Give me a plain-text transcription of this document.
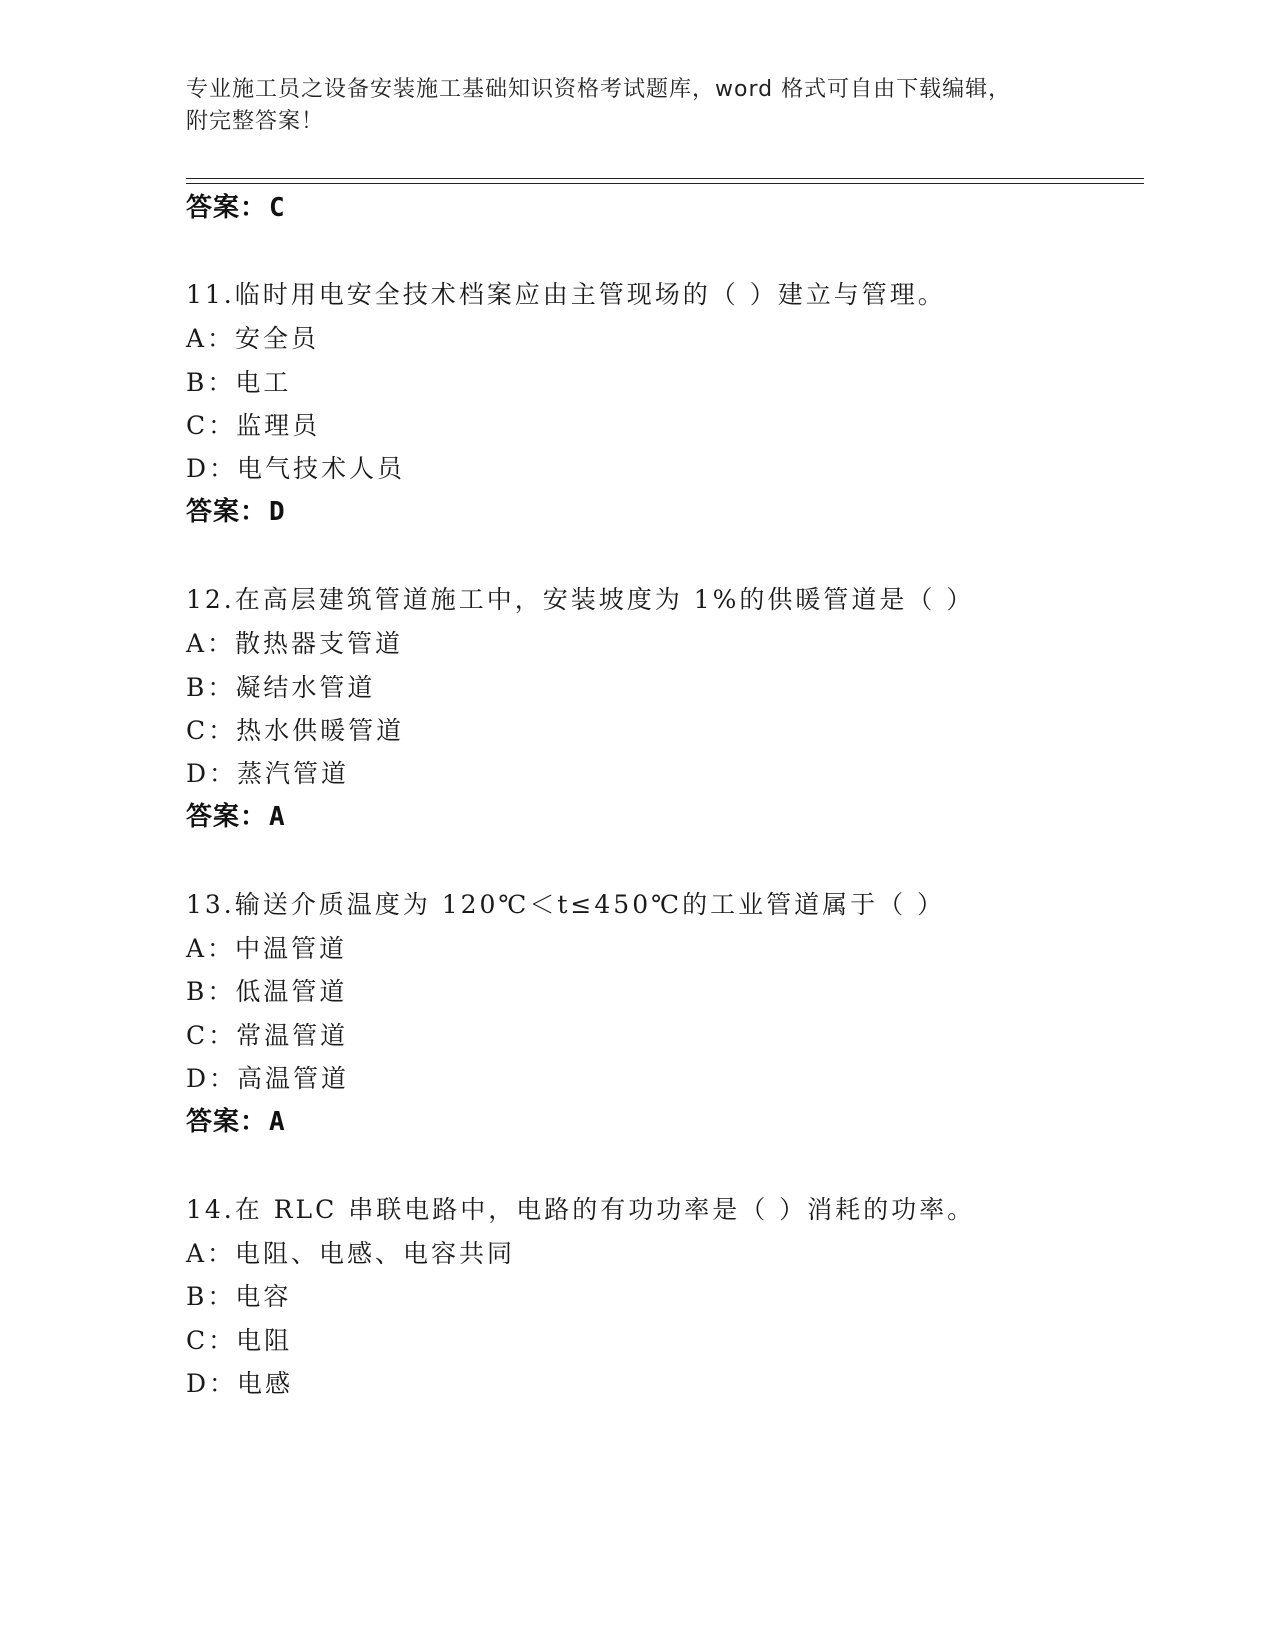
专业施工员之设备安装施工基础知识资格考试题库，word 格式可自由下载编辑，
附完整答案！
答案：C
11.临时用电安全技术档案应由主管现场的（ ）建立与管理。
A：安全员
B：电工
C：监理员
D：电气技术人员
答案：D
12.在高层建筑管道施工中，安装坡度为 1%的供暖管道是（ ）
A：散热器支管道
B：凝结水管道
C：热水供暖管道
D：蒸汽管道
答案：A
13.输送介质温度为 120℃＜t≤450℃的工业管道属于（ ）
A：中温管道
B：低温管道
C：常温管道
D：高温管道
答案：A
14.在 RLC 串联电路中，电路的有功功率是（ ）消耗的功率。
A：电阻、电感、电容共同
B：电容
C：电阻
D：电感
